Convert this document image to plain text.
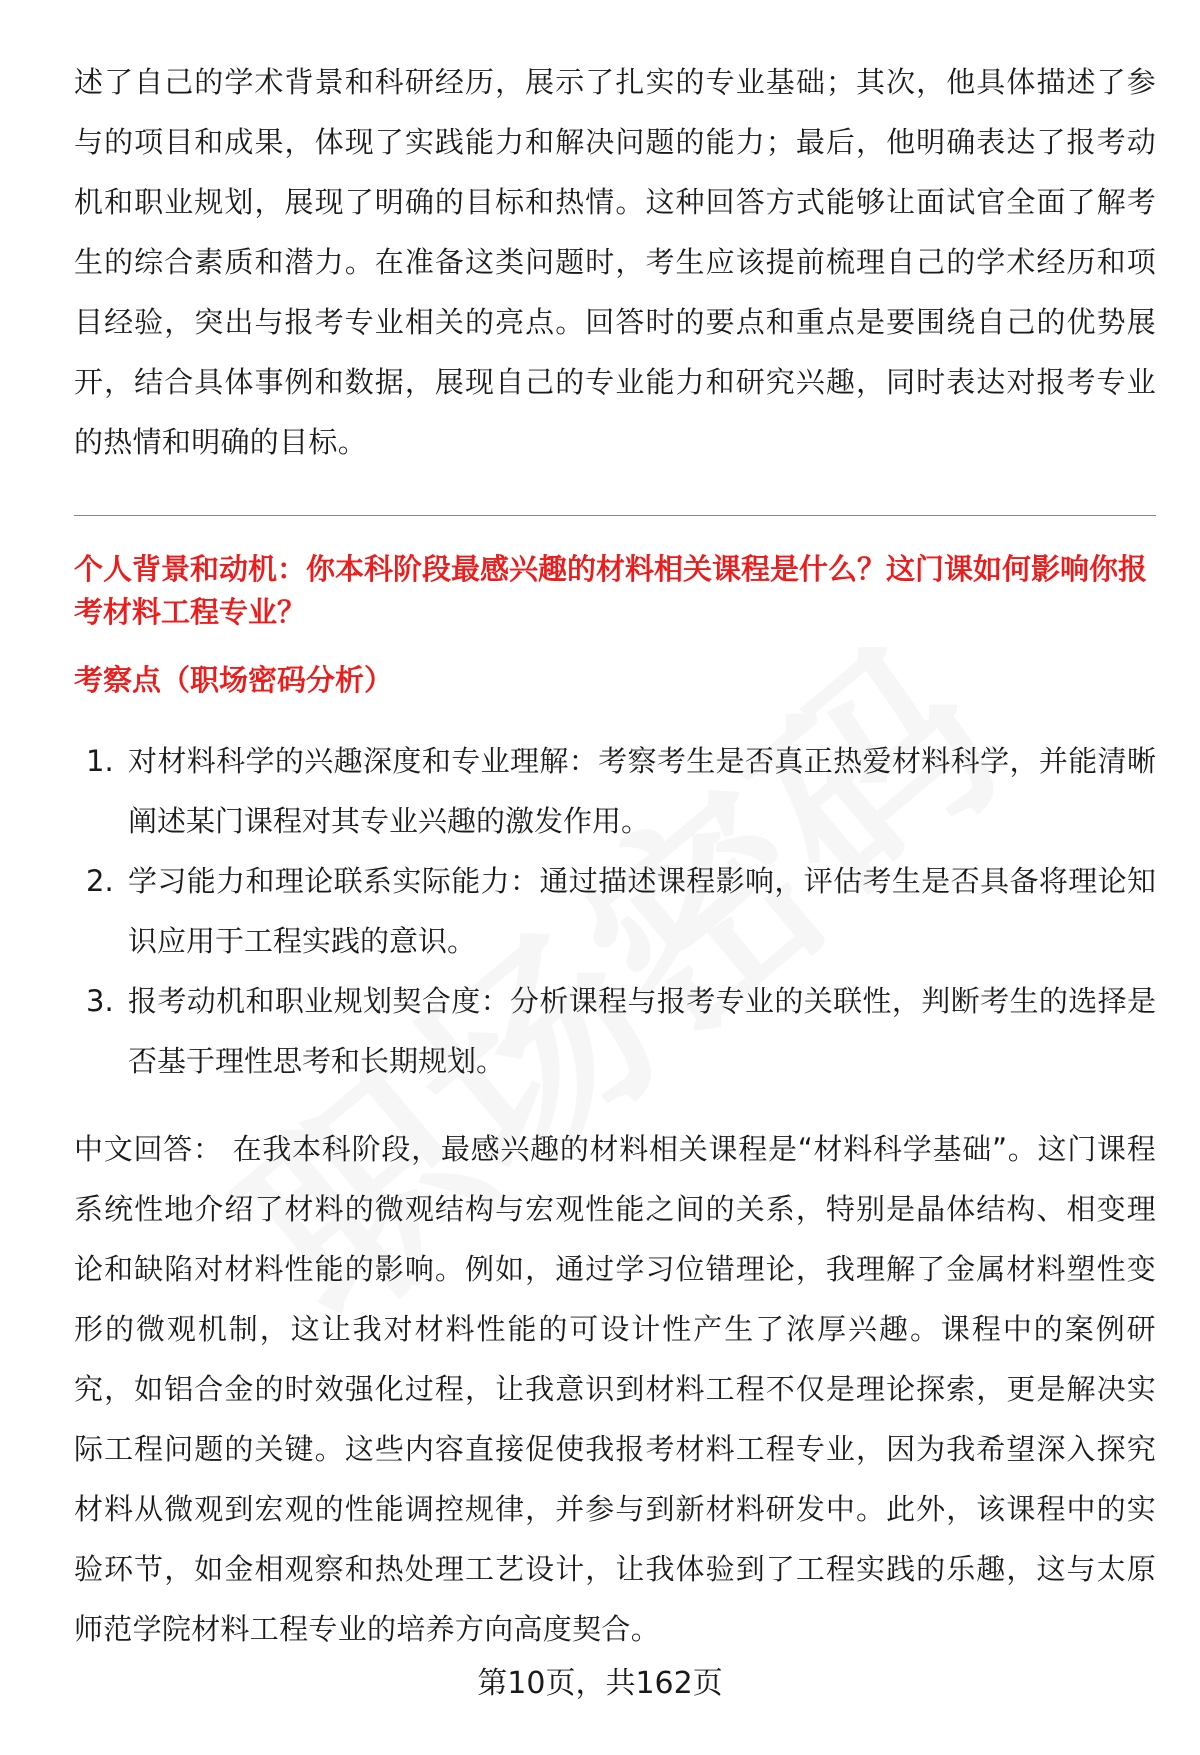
述了自己的学术背景和科研经历，展示了扎实的专业基础；其次，他具体描述了参与的项目和成果，体现了实践能力和解决问题的能力；最后，他明确表达了报考动机和职业规划，展现了明确的目标和热情。这种回答方式能够让面试官全面了解考生的综合素质和潜力。在准备这类问题时，考生应该提前梳理自己的学术经历和项目经验，突出与报考专业相关的亮点。回答时的要点和重点是要围绕自己的优势展开，结合具体事例和数据，展现自己的专业能力和研究兴趣，同时表达对报考专业的热情和明确的目标。

个人背景和动机：你本科阶段最感兴趣的材料相关课程是什么？这门课如何影响你报考材料工程专业？

考察点（职场密码分析）

1. 对材料科学的兴趣深度和专业理解：考察考生是否真正热爱材料科学，并能清晰阐述某门课程对其专业兴趣的激发作用。
2. 学习能力和理论联系实际能力：通过描述课程影响，评估考生是否具备将理论知识应用于工程实践的意识。
3. 报考动机和职业规划契合度：分析课程与报考专业的关联性，判断考生的选择是否基于理性思考和长期规划。

中文回答： 在我本科阶段，最感兴趣的材料相关课程是“材料科学基础”。这门课程系统性地介绍了材料的微观结构与宏观性能之间的关系，特别是晶体结构、相变理论和缺陷对材料性能的影响。例如，通过学习位错理论，我理解了金属材料塑性变形的微观机制，这让我对材料性能的可设计性产生了浓厚兴趣。课程中的案例研究，如铝合金的时效强化过程，让我意识到材料工程不仅是理论探索，更是解决实际工程问题的关键。这些内容直接促使我报考材料工程专业，因为我希望深入探究材料从微观到宏观的性能调控规律，并参与到新材料研发中。此外，该课程中的实验环节，如金相观察和热处理工艺设计，让我体验到了工程实践的乐趣，这与太原师范学院材料工程专业的培养方向高度契合。

第10页，共162页
